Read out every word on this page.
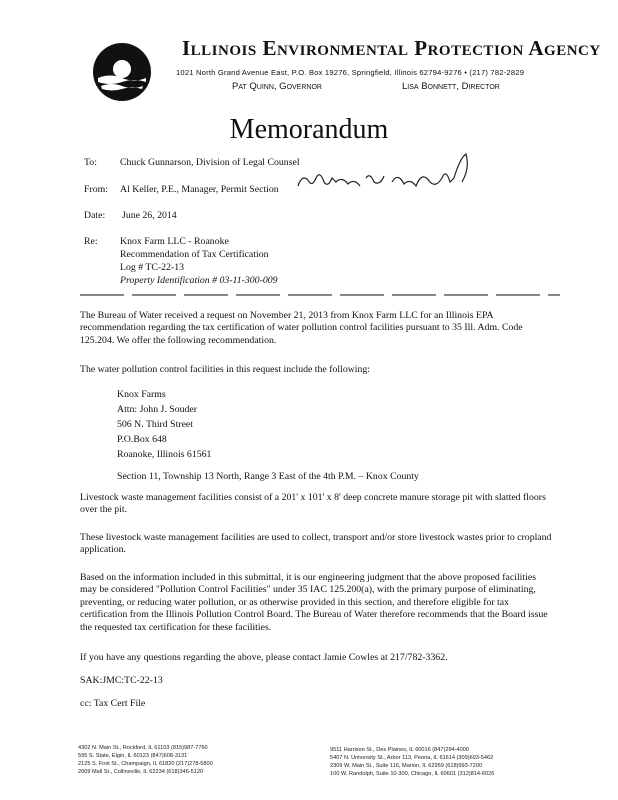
Illinois Environmental Protection Agency
1021 North Grand Avenue East, P.O. Box 19276, Springfield, Illinois 62794-9276 • (217) 782-2829
Pat Quinn, Governor	Lisa Bonnett, Director
Memorandum
To: Chuck Gunnarson, Division of Legal Counsel
From: Al Keller, P.E., Manager, Permit Section
Date: June 26, 2014
Re: Knox Farm LLC - Roanoke
Recommendation of Tax Certification
Log # TC-22-13
Property Identification # 03-11-300-009
The Bureau of Water received a request on November 21, 2013 from Knox Farm LLC for an Illinois EPA recommendation regarding the tax certification of water pollution control facilities pursuant to 35 Ill. Adm. Code 125.204. We offer the following recommendation.
The water pollution control facilities in this request include the following:
Knox Farms
Attn: John J. Souder
506 N. Third Street
P.O.Box 648
Roanoke, Illinois 61561
Section 11, Township 13 North, Range 3 East of the 4th P.M. – Knox County
Livestock waste management facilities consist of a 201' x 101' x 8' deep concrete manure storage pit with slatted floors over the pit.
These livestock waste management facilities are used to collect, transport and/or store livestock wastes prior to cropland application.
Based on the information included in this submittal, it is our engineering judgment that the above proposed facilities may be considered "Pollution Control Facilities" under 35 IAC 125.200(a), with the primary purpose of eliminating, preventing, or reducing water pollution, or as otherwise provided in this section, and therefore eligible for tax certification from the Illinois Pollution Control Board. The Bureau of Water therefore recommends that the Board issue the requested tax certification for these facilities.
If you have any questions regarding the above, please contact Jamie Cowles at 217/782-3362.
SAK:JMC:TC-22-13
cc: Tax Cert File
4302 N. Main St., Rockford, IL 61103 (815)987-7760
595 S. State, Elgin, IL 60123 (847)608-3131
2125 S. First St., Champaign, IL 61820 (217)278-5800
2009 Mall St., Collinsville, IL 62234 (618)346-5120
9511 Harrison St., Des Plaines, IL 60016 (847)294-4000
5407 N. University St., Arbor 113, Peoria, IL 61614 (309)693-5462
2309 W. Main St., Suite 116, Marion, IL 62959 (618)993-7200
100 W. Randolph, Suite 10-300, Chicago, IL 60601 (312)814-6026
